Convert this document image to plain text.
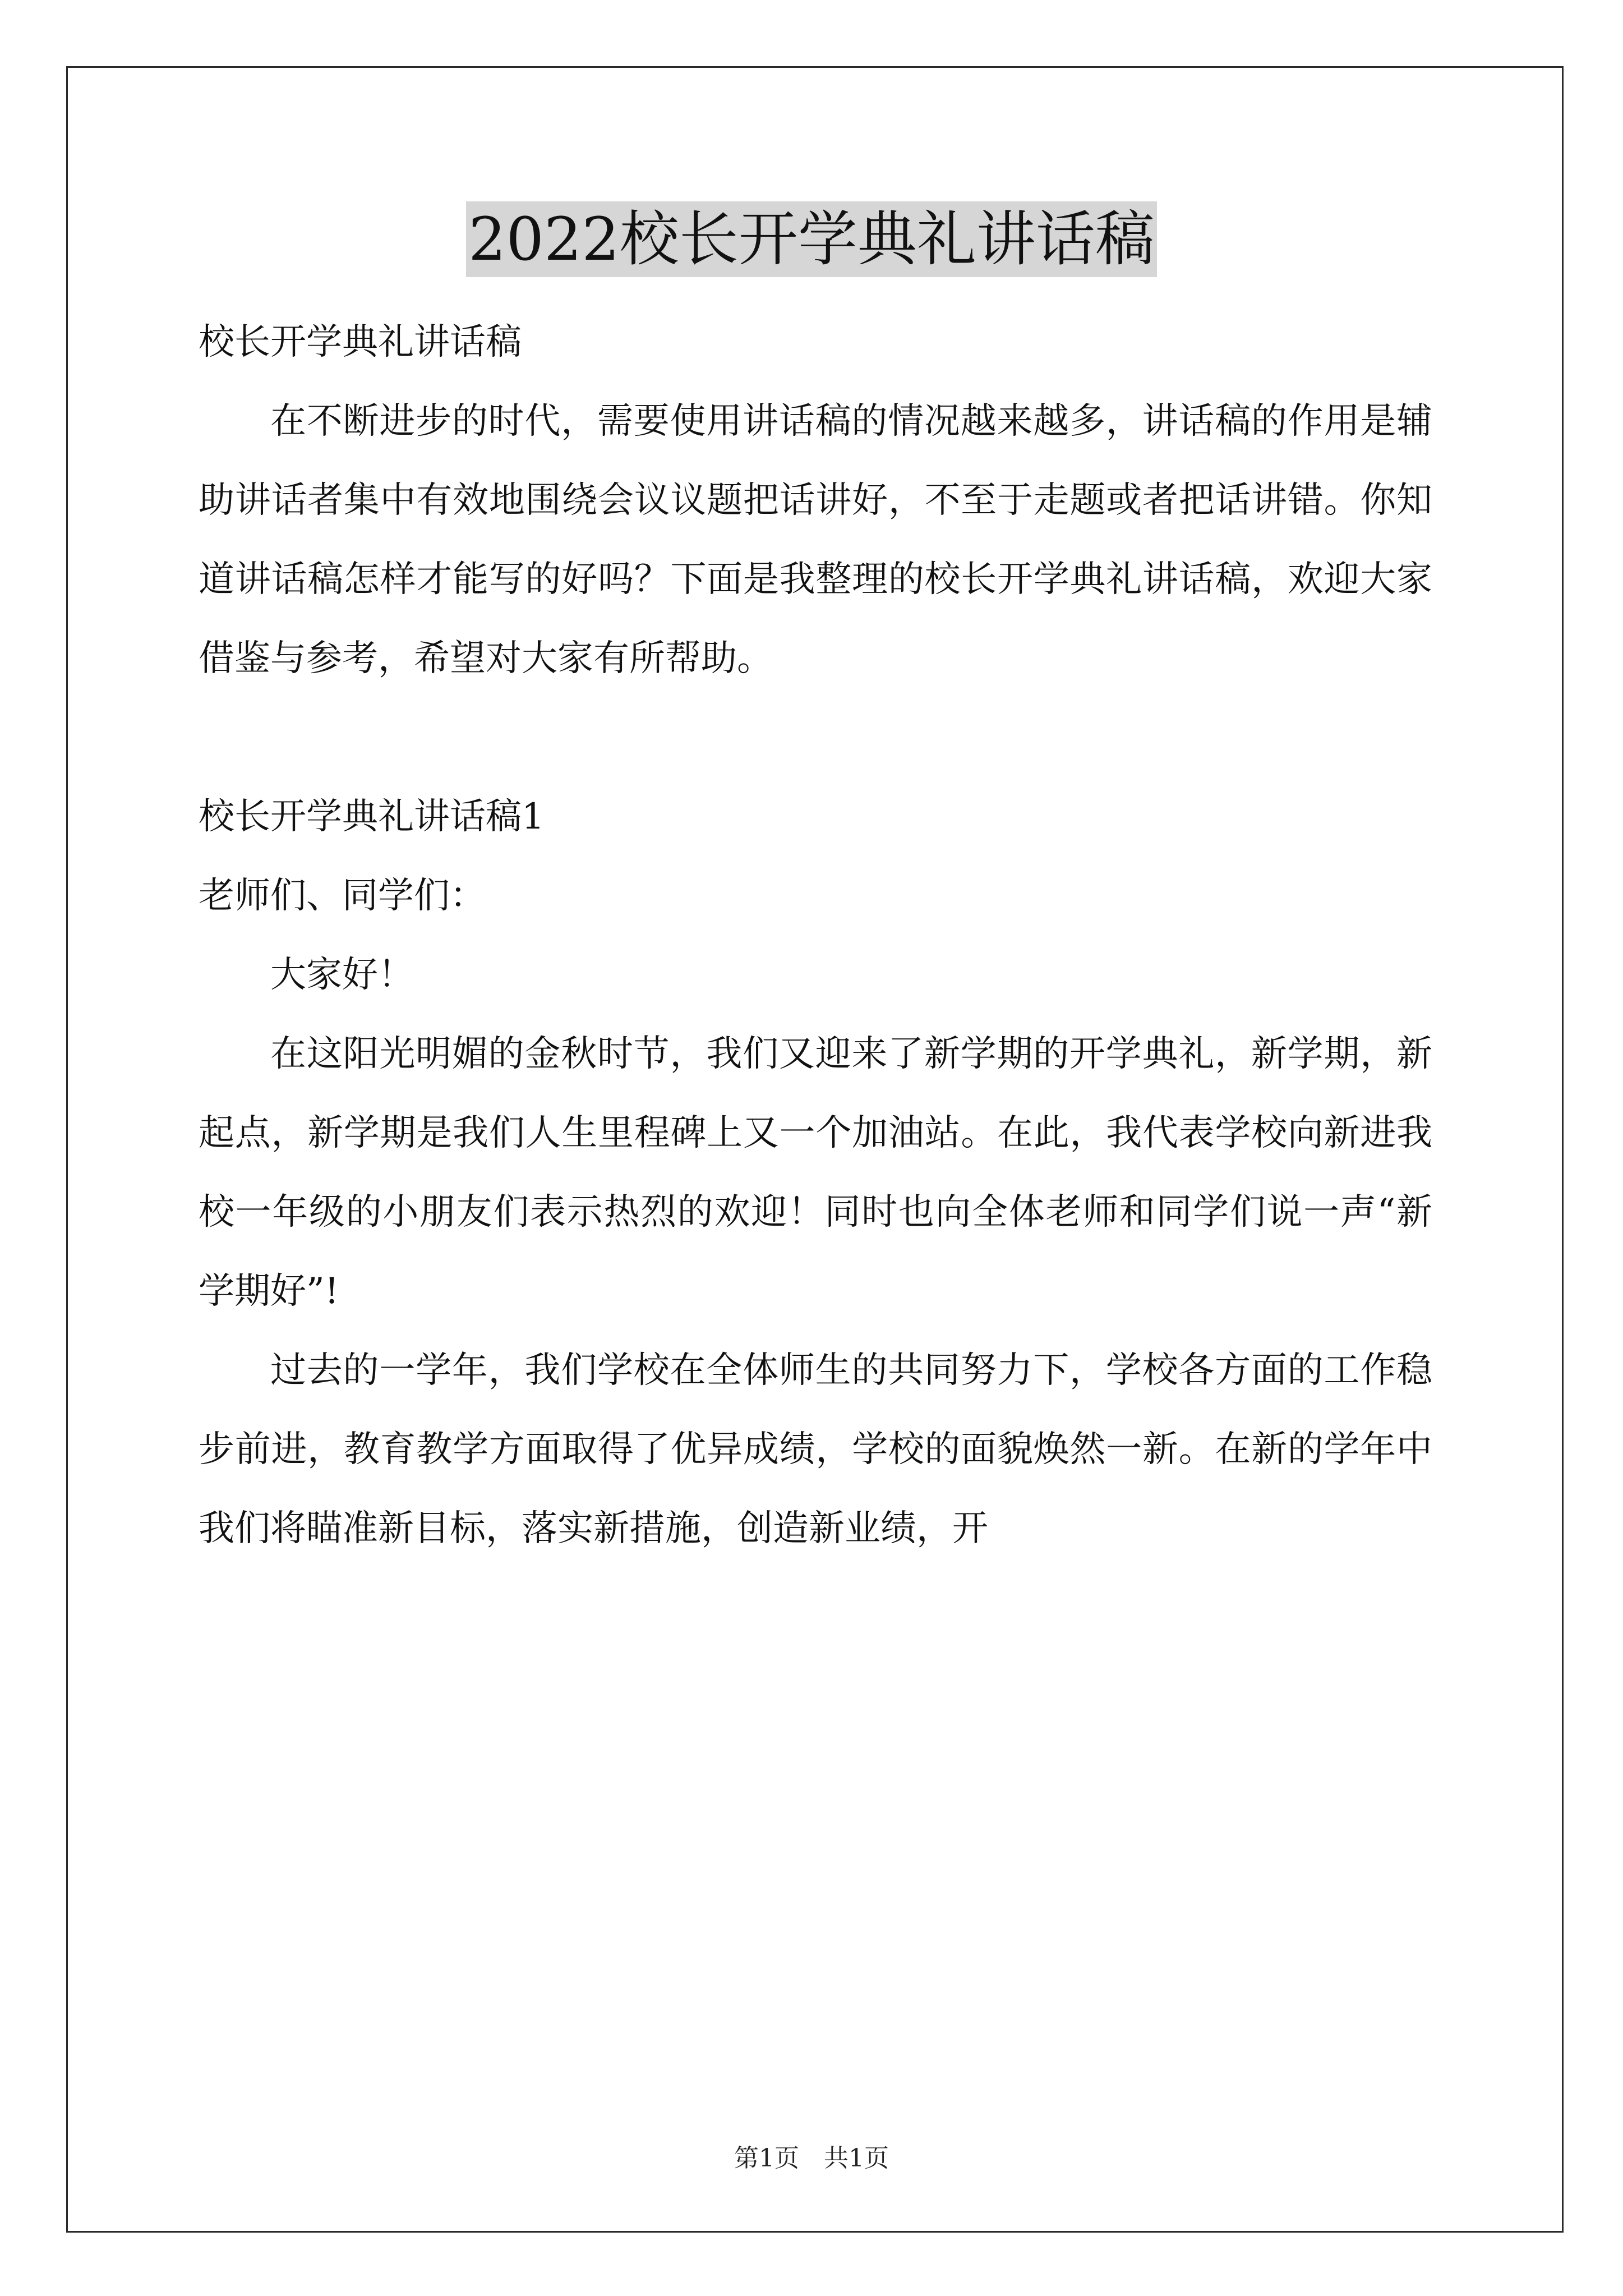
2022校长开学典礼讲话稿

校长开学典礼讲话稿

在不断进步的时代，需要使用讲话稿的情况越来越多，讲话稿的作用是辅助讲话者集中有效地围绕会议议题把话讲好，不至于走题或者把话讲错。你知道讲话稿怎样才能写的好吗？下面是我整理的校长开学典礼讲话稿，欢迎大家借鉴与参考，希望对大家有所帮助。

校长开学典礼讲话稿1

老师们、同学们：

大家好！

在这阳光明媚的金秋时节，我们又迎来了新学期的开学典礼，新学期，新起点，新学期是我们人生里程碑上又一个加油站。在此，我代表学校向新进我校一年级的小朋友们表示热烈的欢迎！同时也向全体老师和同学们说一声“新学期好”!

过去的一学年，我们学校在全体师生的共同努力下，学校各方面的工作稳步前进，教育教学方面取得了优异成绩，学校的面貌焕然一新。在新的学年中我们将瞄准新目标，落实新措施，创造新业绩，开

第1页　共1页
